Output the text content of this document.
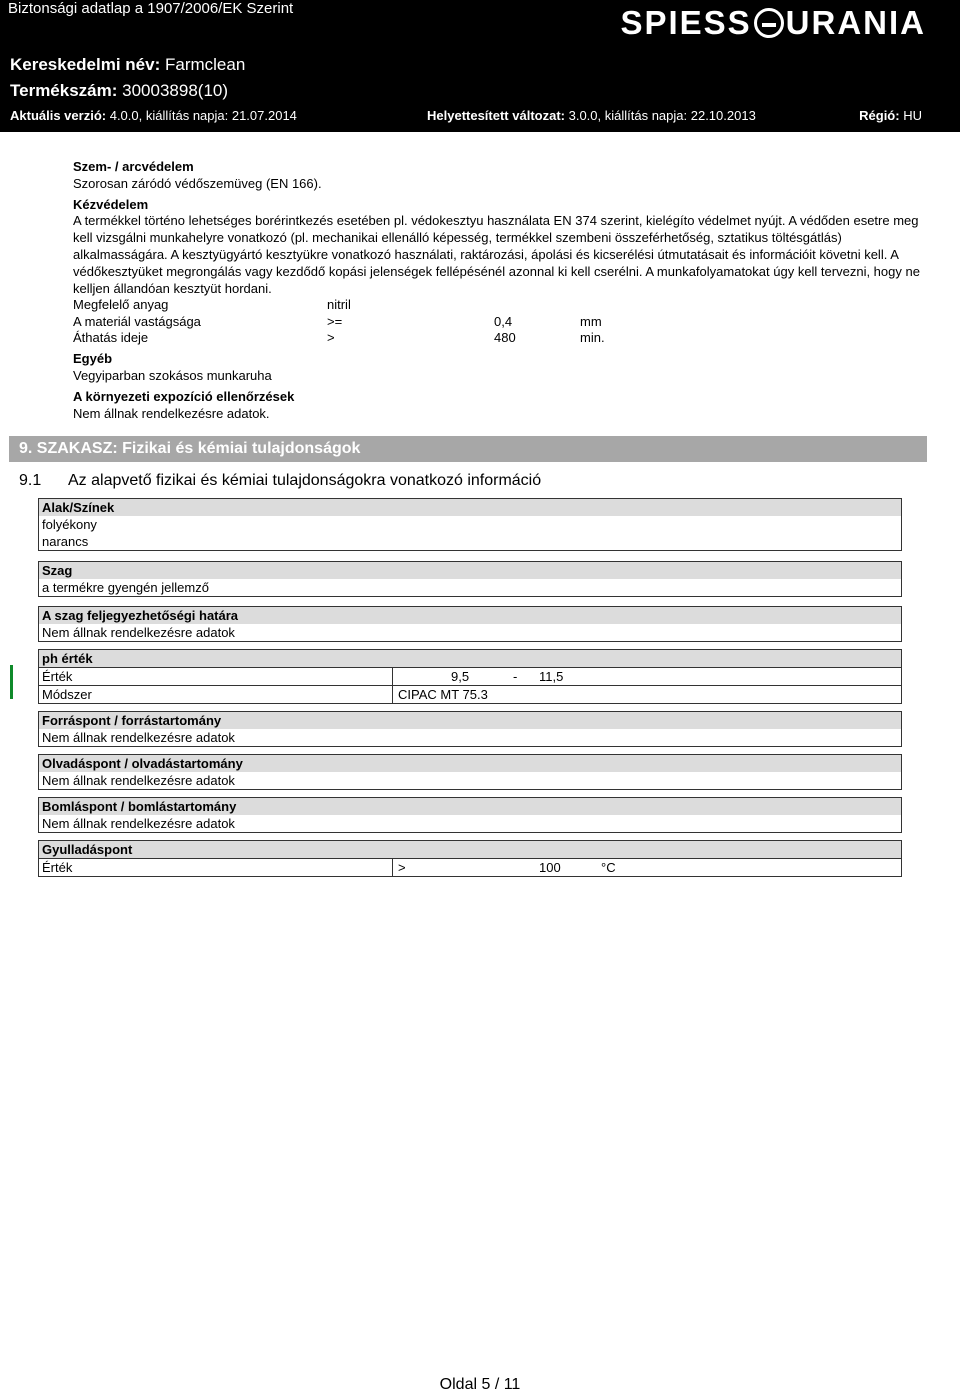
Biztonsági adatlap a 1907/2006/EK Szerint	SPIESS URANIA
Kereskedelmi név: Farmclean
Termékszám: 30003898(10)
Aktuális verzió: 4.0.0, kiállítás napja: 21.07.2014	Helyettesített változat: 3.0.0, kiállítás napja: 22.10.2013	Régió: HU
Szem- / arcvédelem
Szorosan záródó védőszemüveg (EN 166).
Kézvédelem
A termékkel történo lehetséges borérintkezés esetében pl. védokesztyu használata EN 374 szerint, kielégíto védelmet nyújt. A védőden esetre meg kell vizsgálni munkahelyre vonatkozó (pl. mechanikai ellenálló képesség, termékkel szembeni összeférhetőség, sztatikus töltésgátlás) alkalmasságára. A kesztyügyártó kesztyükre vonatkozó használati, raktározási, ápolási és kicserélési útmutatásait és információit követni kell. A védőkesztyüket megrongálás vagy kezdődő kopási jelenségek fellépésénél azonnal ki kell cserélni. A munkafolyamatokat úgy kell tervezni, hogy ne kelljen állandóan kesztyüt hordani.
Megfelelő anyag	nitril
A materiál vastágsága	>=	0,4	mm
Áthatás ideje	>	480	min.
Egyéb
Vegyiparban szokásos munkaruha
A környezeti expozíció ellenőrzések
Nem állnak rendelkezésre adatok.
9. SZAKASZ: Fizikai és kémiai tulajdonságok
9.1 Az alapvető fizikai és kémiai tulajdonságokra vonatkozó információ
Alak/Színek
folyékony
narancs
Szag
a termékre gyengén jellemző
A szag feljegyezhetőségi határa
Nem állnak rendelkezésre adatok
ph érték
Érték	9,5	- 11,5
Módszer	CIPAC MT 75.3
Forráspont / forrástartomány
Nem állnak rendelkezésre adatok
Olvadáspont / olvadástartomány
Nem állnak rendelkezésre adatok
Bomláspont / bomlástartomány
Nem állnak rendelkezésre adatok
Gyulladáspont
Érték	>	100	°C
Oldal 5 / 11
